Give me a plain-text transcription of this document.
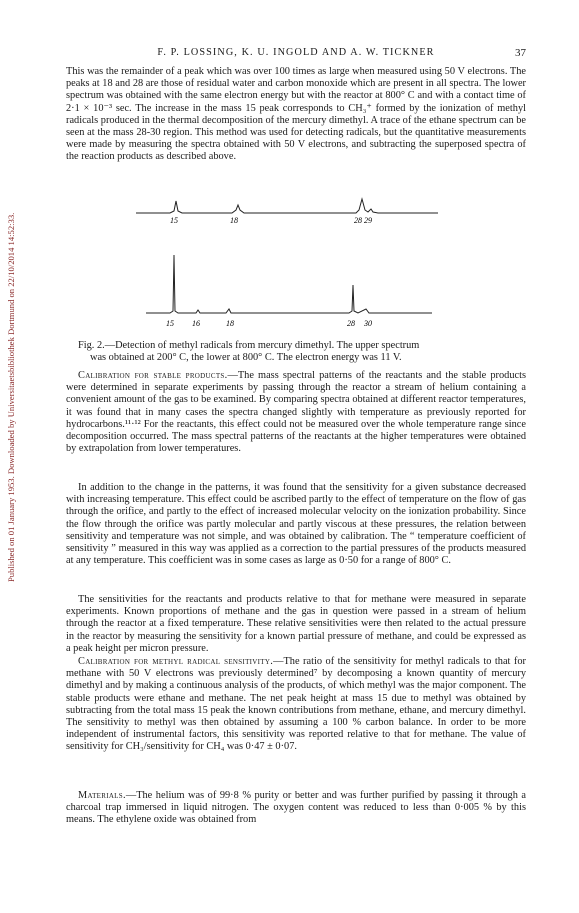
Published on 01 January 1953. Downloaded by Universitaetsbibliothek Dortmund on 22/10/2014 14:52:33.
F. P. LOSSING, K. U. INGOLD AND A. W. TICKNER	37
This was the remainder of a peak which was over 100 times as large when measured using 50 V electrons. The peaks at 18 and 28 are those of residual water and carbon monoxide which are present in all spectra. The lower spectrum was obtained with the same electron energy but with the reactor at 800° C and with a contact time of 2·1 × 10⁻³ sec. The increase in the mass 15 peak corresponds to CH₃⁺ formed by the ionization of methyl radicals produced in the thermal decomposition of the mercury dimethyl. A trace of the ethane spectrum can be seen at the mass 28-30 region. This method was used for detecting radicals, but the quantitative measurements were made by measuring the spectra obtained with 50 V electrons, and subtracting the superposed spectra of the reaction products as described above.
15	18	28 29
15 16	18	28 30
Fig. 2.—Detection of methyl radicals from mercury dimethyl. The upper spectrum
was obtained at 200° C, the lower at 800° C. The electron energy was 11 V.
Calibration for stable products.—The mass spectral patterns of the reactants and the stable products were determined in separate experiments by passing through the reactor a stream of helium containing a convenient amount of the gas to be examined. By comparing spectra obtained at different reactor temperatures, it was found that in many cases the spectra changed slightly with temperature as previously reported for hydrocarbons.¹¹·¹² For the reactants, this effect could not be measured over the whole temperature range since decomposition occurred. The mass spectral patterns of the reactants at the higher temperatures were obtained by extrapolation from lower temperatures.
In addition to the change in the patterns, it was found that the sensitivity for a given substance decreased with increasing temperature. This effect could be ascribed partly to the effect of temperature on the flow of gas through the orifice, and partly to the effect of increased molecular velocity on the ionization probability. Since the flow through the orifice was partly molecular and partly viscous at these pressures, the relation between sensitivity and temperature was not simple, and was obtained by calibration. The “ temperature coefficient of sensitivity ” measured in this way was applied as a correction to the partial pressures of the products measured at any temperature. This coefficient was in some cases as large as 0·50 for a range of 800° C.
The sensitivities for the reactants and products relative to that for methane were measured in separate experiments. Known proportions of methane and the gas in question were passed in a stream of helium through the reactor at a fixed temperature. These relative sensitivities were then related to the actual pressure in the reactor by measuring the sensitivity for a known partial pressure of methane, and could be expressed as a peak height per micron pressure.
Calibration for methyl radical sensitivity.—The ratio of the sensitivity for methyl radicals to that for methane with 50 V electrons was previously determined⁷ by decomposing a known quantity of mercury dimethyl and by making a continuous analysis of the products, of which methyl was the major component. The stable products were ethane and methane. The net peak height at mass 15 due to methyl was obtained by subtracting from the total mass 15 peak the known contributions from methane, ethane, and mercury dimethyl. The sensitivity to methyl was then obtained by assuming a 100 % carbon balance. In order to be more independent of instrumental factors, this sensitivity was reported relative to that for methane. The value of sensitivity for CH₃/sensitivity for CH₄ was 0·47 ± 0·07.
Materials.—The helium was of 99·8 % purity or better and was further purified by passing it through a charcoal trap immersed in liquid nitrogen. The oxygen content was reduced to less than 0·005 % by this means. The ethylene oxide was obtained from
